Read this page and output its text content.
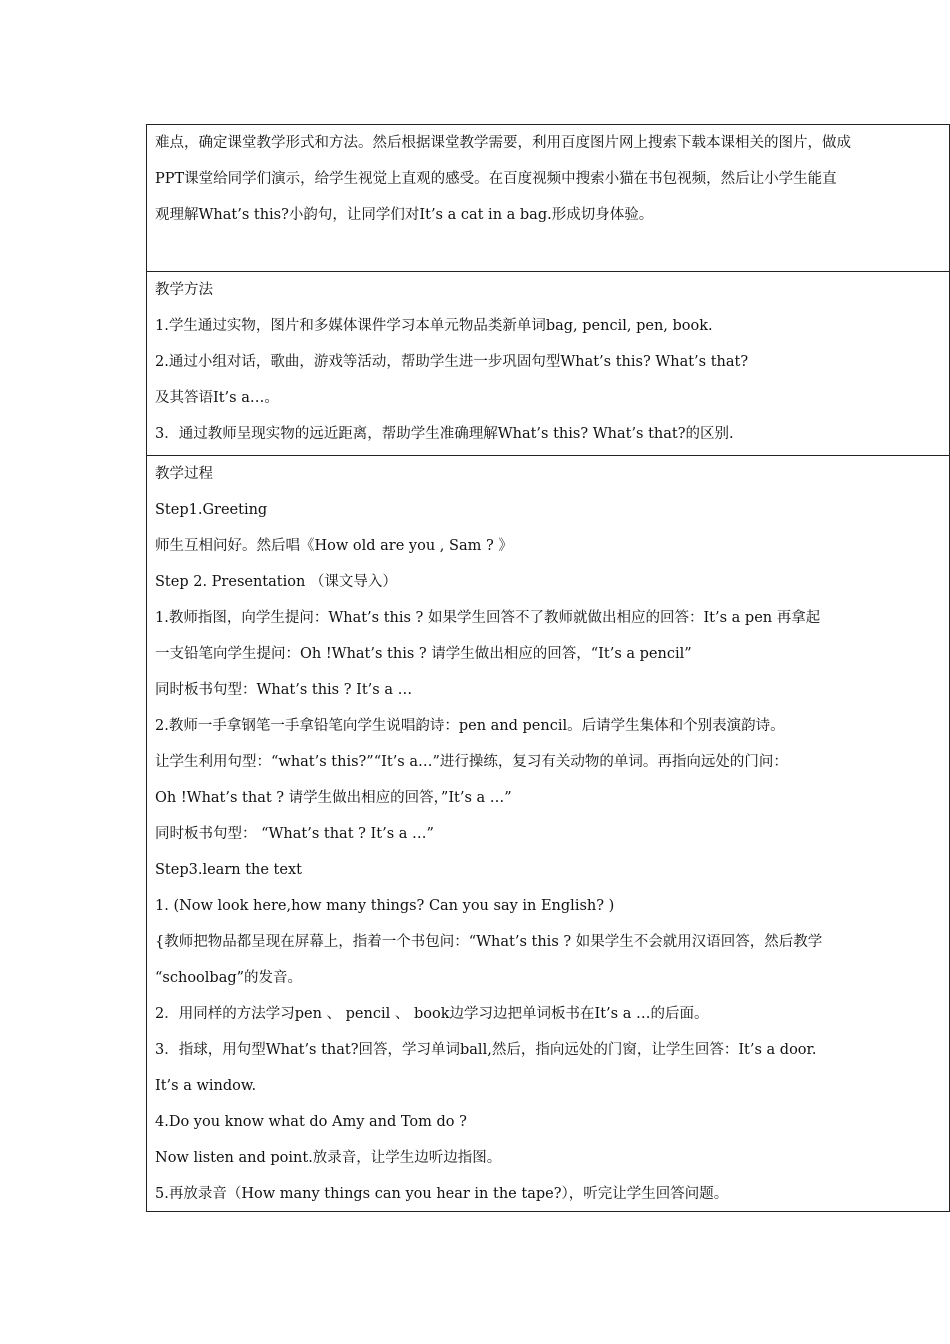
难点，确定课堂教学形式和方法。然后根据课堂教学需要，利用百度图片网上搜索下载本课相关的图片，做成
PPT课堂给同学们演示，给学生视觉上直观的感受。在百度视频中搜索小猫在书包视频，然后让小学生能直
观理解What’s this?小韵句，让同学们对It’s a cat in a bag.形成切身体验。
教学方法
1.学生通过实物，图片和多媒体课件学习本单元物品类新单词bag, pencil, pen, book.
2.通过小组对话，歌曲，游戏等活动，帮助学生进一步巩固句型What’s this? What’s that?
及其答语It’s a…。
3．通过教师呈现实物的远近距离，帮助学生准确理解What’s this? What’s that?的区别.
教学过程
Step1.Greeting
师生互相问好。然后唱《How old are you , Sam ? 》
Step 2. Presentation （课文导入）
1.教师指图，向学生提问：What’s this ? 如果学生回答不了教师就做出相应的回答：It’s a pen 再拿起
一支铅笔向学生提问：Oh !What’s this ? 请学生做出相应的回答，“It’s a pencil”
同时板书句型：What’s this ? It’s a …
2.教师一手拿钢笔一手拿铅笔向学生说唱韵诗：pen and pencil。后请学生集体和个别表演韵诗。
让学生利用句型：“what’s this?”“It’s a…”进行操练，复习有关动物的单词。再指向远处的门问：
Oh !What’s that ? 请学生做出相应的回答，”It’s a …”
同时板书句型： “What’s that ? It’s a …”
Step3.learn the text
1. (Now look here,how many things? Can you say in English? )
{教师把物品都呈现在屏幕上，指着一个书包问：“What’s this ? 如果学生不会就用汉语回答，然后教学
“schoolbag”的发音。
2．用同样的方法学习pen 、 pencil 、 book边学习边把单词板书在It’s a …的后面。
3．指球，用句型What’s that?回答，学习单词ball,然后，指向远处的门窗，让学生回答：It’s a door.
It’s a window.
4.Do you know what do Amy and Tom do ?
Now listen and point.放录音，让学生边听边指图。
5.再放录音（How many things can you hear in the tape?），听完让学生回答问题。
